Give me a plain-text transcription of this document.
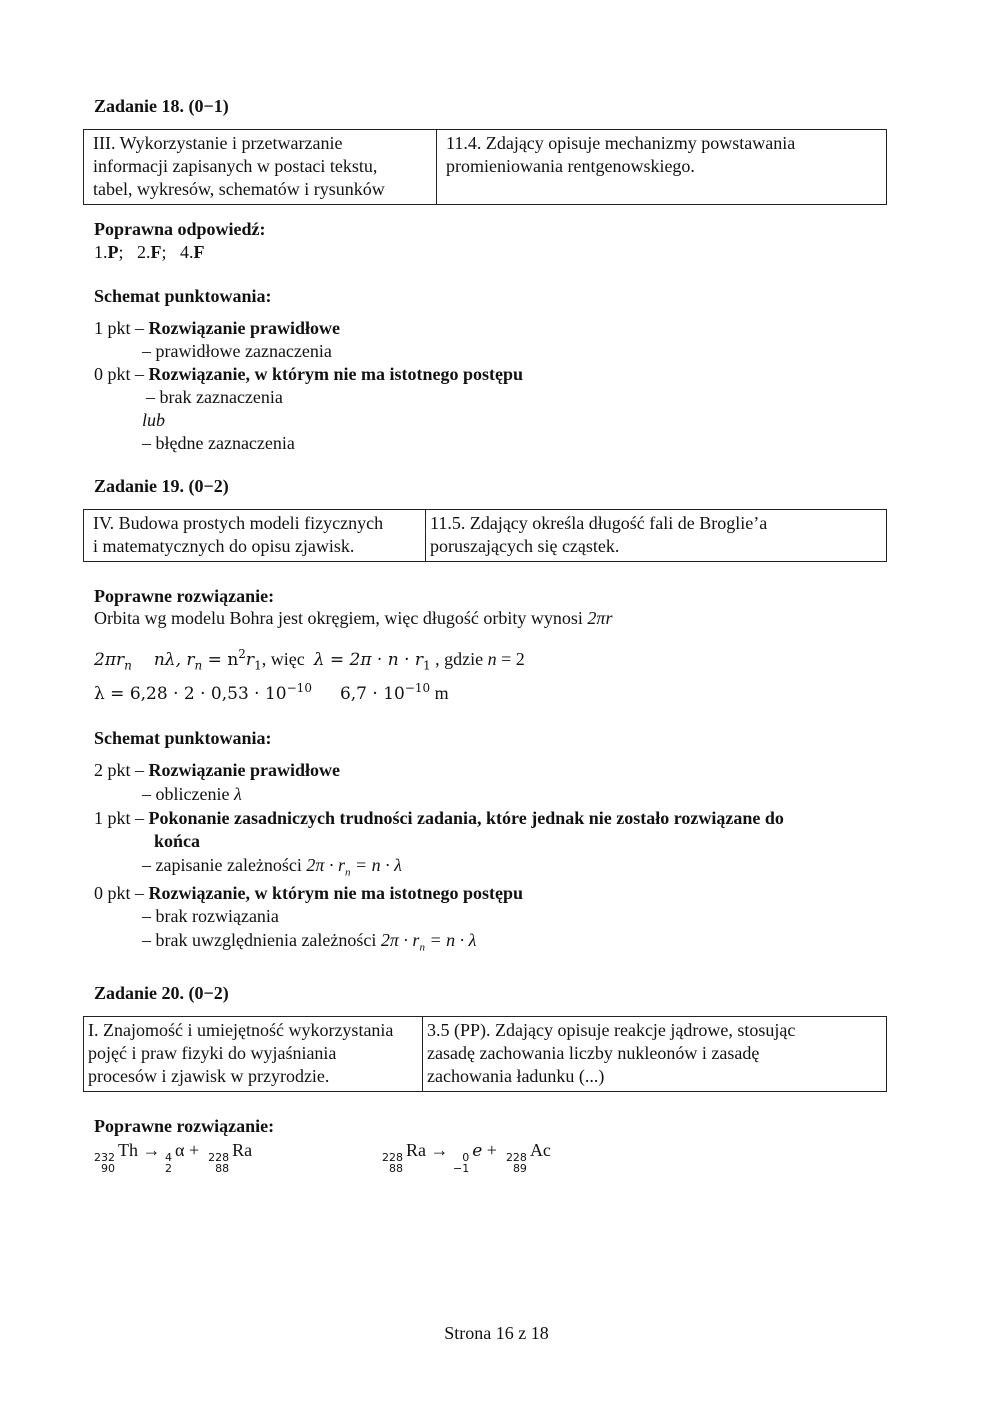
Zadanie 18. (0−1)
III. Wykorzystanie i przetwarzanie
informacji zapisanych w postaci tekstu,
tabel, wykresów, schematów i rysunków

11.4. Zdający opisuje mechanizmy powstawania
promieniowania rentgenowskiego.
Poprawna odpowiedź:
1.P; 2.F; 4.F
Schemat punktowania:
1 pkt – Rozwiązanie prawidłowe
– prawidłowe zaznaczenia
0 pkt – Rozwiązanie, w którym nie ma istotnego postępu
– brak zaznaczenia
lub
– błędne zaznaczenia
Zadanie 19. (0−2)
IV. Budowa prostych modeli fizycznych
i matematycznych do opisu zjawisk.

11.5. Zdający określa długość fali de Broglie’a
poruszających się cząstek.
Poprawne rozwiązanie:
Orbita wg modelu Bohra jest okręgiem, więc długość orbity wynosi 2πr
$2\pi r_n$ nλ, $r_n = n^2r_1$, więc  $\lambda = 2\pi \cdot n \cdot r_1$ , gdzie n = 2
$\lambda = 6,28 \cdot 2 \cdot 0,53 \cdot 10^{-10}$ $6,7 \cdot 10^{-10}$ m
Schemat punktowania:
2 pkt – Rozwiązanie prawidłowe
– obliczenie λ
1 pkt – Pokonanie zasadniczych trudności zadania, które jednak nie zostało rozwiązane do
końca
– zapisanie zależności $2\pi \cdot r_n = n \cdot \lambda$
0 pkt – Rozwiązanie, w którym nie ma istotnego postępu
– brak rozwiązania
– brak uwzględnienia zależności $2\pi \cdot r_n = n \cdot \lambda$
Zadanie 20. (0−2)
I. Znajomość i umiejętność wykorzystania
pojęć i praw fizyki do wyjaśniania
procesów i zjawisk w przyrodzie.

3.5 (PP). Zdający opisuje reakcje jądrowe, stosując
zasadę zachowania liczby nukleonów i zasadę
zachowania ładunku (...)
Poprawne rozwiązanie:
232
90
Th → 4
2
α + 228
88
Ra	228
88
Ra → 0
−1
e + 228
89
Ac
Strona 16 z 18
